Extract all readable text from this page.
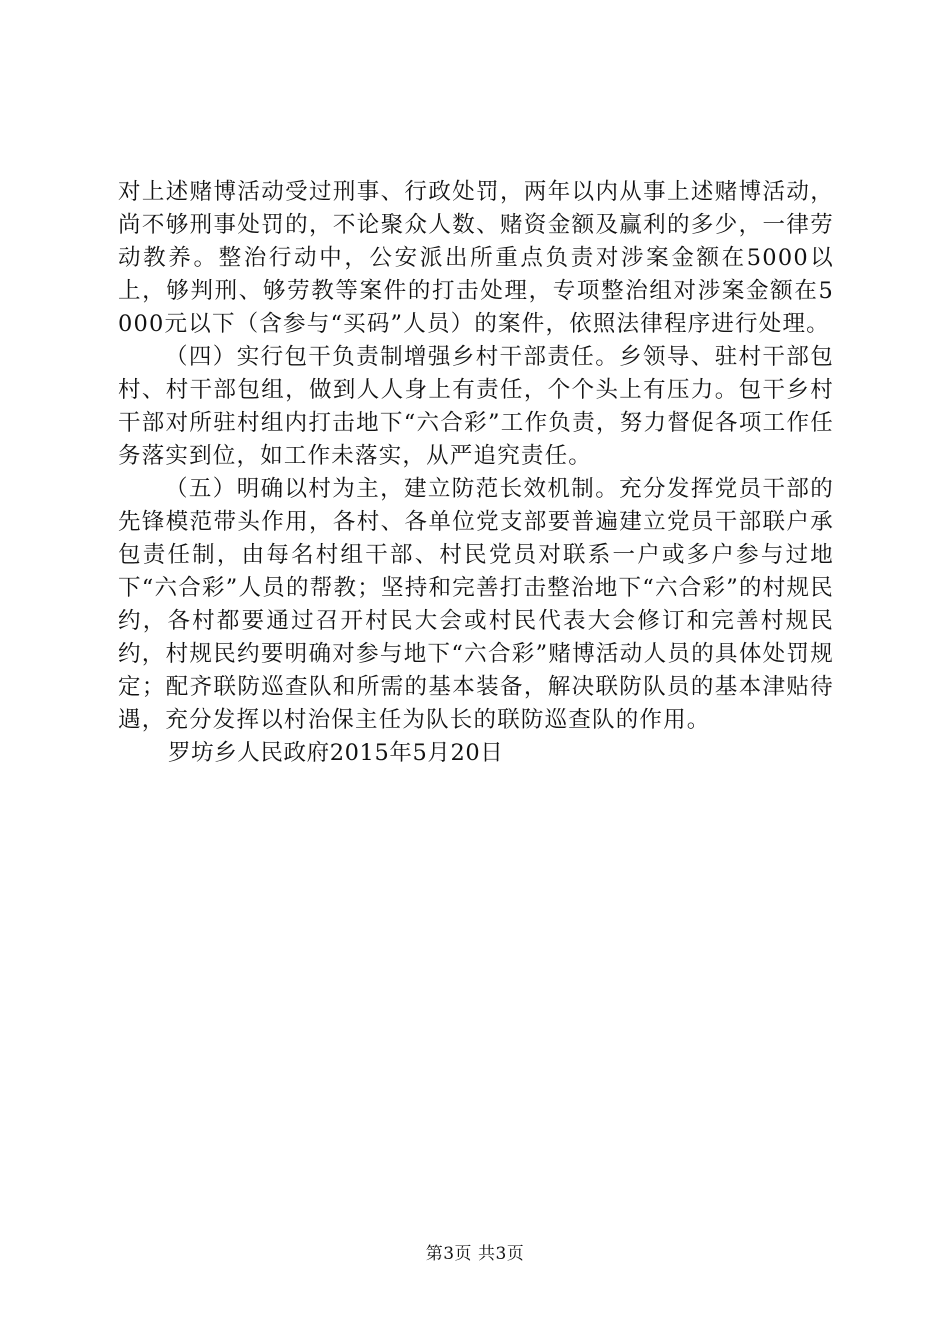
对上述赌博活动受过刑事、行政处罚，两年以内从事上述赌博活动，尚不够刑事处罚的，不论聚众人数、赌资金额及赢利的多少，一律劳动教养。整治行动中，公安派出所重点负责对涉案金额在5000以上，够判刑、够劳教等案件的打击处理，专项整治组对涉案金额在5000元以下（含参与“买码”人员）的案件，依照法律程序进行处理。

（四）实行包干负责制增强乡村干部责任。乡领导、驻村干部包村、村干部包组，做到人人身上有责任，个个头上有压力。包干乡村干部对所驻村组内打击地下“六合彩”工作负责，努力督促各项工作任务落实到位，如工作未落实，从严追究责任。

（五）明确以村为主，建立防范长效机制。充分发挥党员干部的先锋模范带头作用，各村、各单位党支部要普遍建立党员干部联户承包责任制，由每名村组干部、村民党员对联系一户或多户参与过地下“六合彩”人员的帮教；坚持和完善打击整治地下“六合彩”的村规民约，各村都要通过召开村民大会或村民代表大会修订和完善村规民约，村规民约要明确对参与地下“六合彩”赌博活动人员的具体处罚规定；配齐联防巡查队和所需的基本装备，解决联防队员的基本津贴待遇，充分发挥以村治保主任为队长的联防巡查队的作用。

罗坊乡人民政府2015年5月20日

第3页 共3页
